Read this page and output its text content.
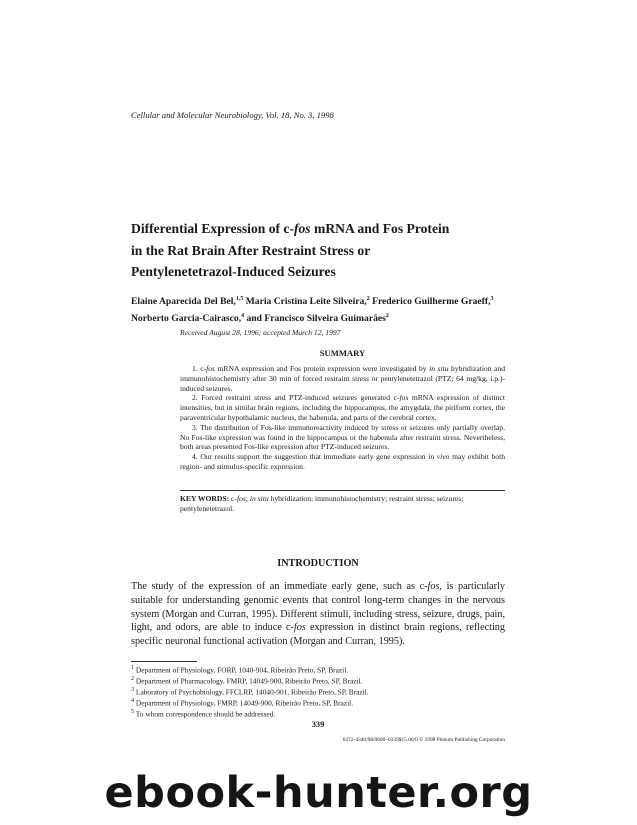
Cellular and Molecular Neurobiology, Vol. 18, No. 3, 1998
Differential Expression of c-fos mRNA and Fos Protein
in the Rat Brain After Restraint Stress or
Pentylenetetrazol-Induced Seizures
Elaine Aparecida Del Bel,$^{1,5}$ Maria Cristina Leite Silveira,$^2$ Frederico Guilherme Graeff,$^3$ Norberto Garcia-Cairasco,$^4$ and Francisco Silveira Guimarães$^2$
Received August 28, 1996; accepted March 12, 1997
SUMMARY

1. c-fos mRNA expression and Fos protein expression were investigated by in situ hybridization and immunohistochemistry after 30 min of forced restraint stress or pentylenetetrazol (PTZ; 64 mg/kg, i.p.)-induced seizures.

2. Forced restraint stress and PTZ-induced seizures generated c-fos mRNA expression of distinct intensities, but in similar brain regions, including the hippocampus, the amygdala, the piriform cortex, the paraventricular hypothalamic nucleus, the habenula, and parts of the cerebral cortex.

3. The distribution of Fos-like immunoreactivity induced by stress or seizures only partially overlap. No Fos-like expression was found in the hippocampus or the habenula after restraint stress. Nevertheless, both areas presented Fos-like expression after PTZ-induced seizures.

4. Our results support the suggestion that immediate early gene expression in vivo may exhibit both region- and stimulus-specific expression.

KEY WORDS: c-fos; in situ hybridization; immunohistochemistry; restraint stress; seizures; pentylenetetrazol.
INTRODUCTION

The study of the expression of an immediate early gene, such as c-fos, is particularly suitable for understanding genomic events that control long-term changes in the nervous system (Morgan and Curran, 1995). Different stimuli, including stress, seizure, drugs, pain, light, and odors, are able to induce c-fos expression in distinct brain regions, reflecting specific neuronal functional activation (Morgan and Curran, 1995).

$^1$ Department of Physiology, FORP, 1040-904, Ribeirão Preto, SP, Brazil.
$^2$ Department of Pharmacology, FMRP, 14049-900, Ribeirão Preto, SP, Brazil.
$^3$ Laboratory of Psychobiology, FFCLRP, 14040-901, Ribeirão Preto, SP, Brazil.
$^4$ Department of Physiology, FMRP, 14049-900, Ribeirão Preto, SP, Brazil.
$^5$ To whom correspondence should be addressed.
339
0272-4340/98/0600–0339$15.00/0 © 1998 Plenum Publishing Corporation
ebook-hunter.org
